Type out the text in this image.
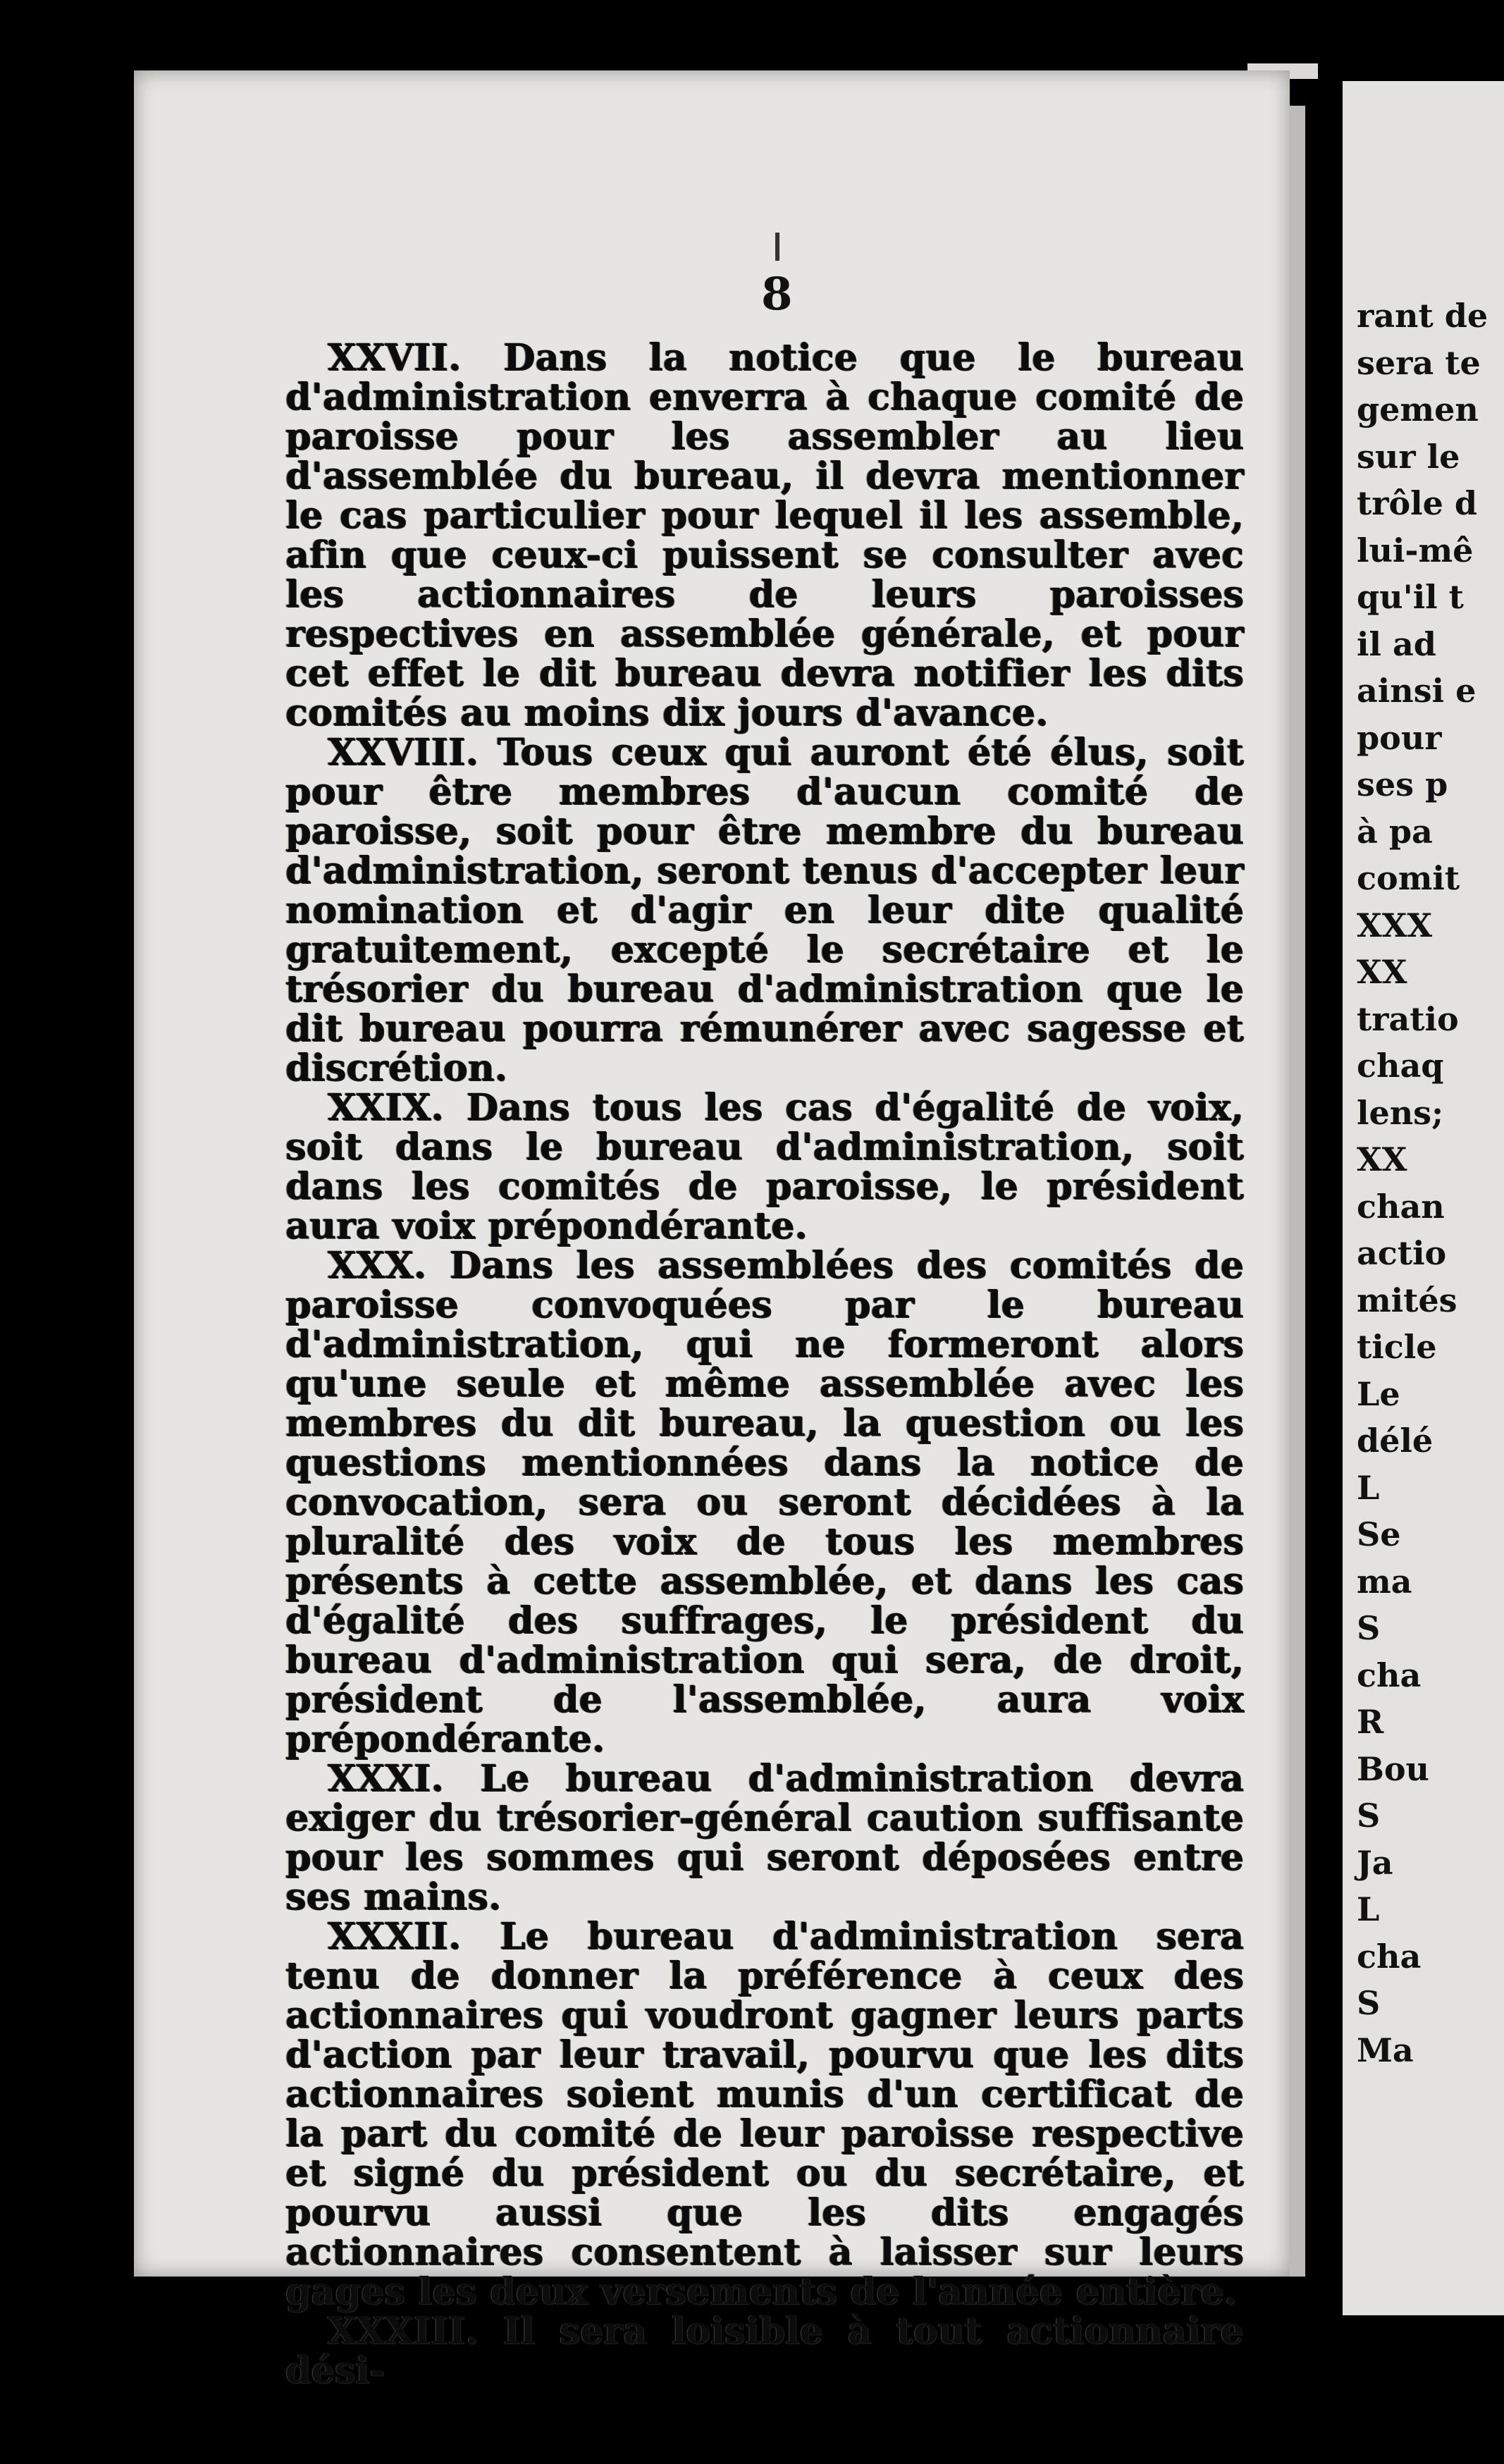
8

XXVII. Dans la notice que le bureau d'administration enverra à chaque comité de paroisse pour les assembler au lieu d'assemblée du bureau, il devra mentionner le cas particulier pour lequel il les assemble, afin que ceux-ci puissent se consulter avec les actionnaires de leurs paroisses respectives en assemblée générale, et pour cet effet le dit bureau devra notifier les dits comités au moins dix jours d'avance.

XXVIII. Tous ceux qui auront été élus, soit pour être membres d'aucun comité de paroisse, soit pour être membre du bureau d'administration, seront tenus d'accepter leur nomination et d'agir en leur dite qualité gratuitement, excepté le secrétaire et le trésorier du bureau d'administration que le dit bureau pourra rémunérer avec sagesse et discrétion.

XXIX. Dans tous les cas d'égalité de voix, soit dans le bureau d'administration, soit dans les comités de paroisse, le président aura voix prépondérante.

XXX. Dans les assemblées des comités de paroisse convoquées par le bureau d'administration, qui ne formeront alors qu'une seule et même assemblée avec les membres du dit bureau, la question ou les questions mentionnées dans la notice de convocation, sera ou seront décidées à la pluralité des voix de tous les membres présents à cette assemblée, et dans les cas d'égalité des suffrages, le président du bureau d'administration qui sera, de droit, président de l'assemblée, aura voix prépondérante.

XXXI. Le bureau d'administration devra exiger du trésorier-général caution suffisante pour les sommes qui seront déposées entre ses mains.

XXXII. Le bureau d'administration sera tenu de donner la préférence à ceux des actionnaires qui voudront gagner leurs parts d'action par leur travail, pourvu que les dits actionnaires soient munis d'un certificat de la part du comité de leur paroisse respective et signé du président ou du secrétaire, et pourvu aussi que les dits engagés actionnaires consentent à laisser sur leurs gages les deux versements de l'année entière.

XXXIII. Il sera loisible à tout actionnaire dési-

rant de
sera te
gemen
sur le
trôle d
lui-mê
qu'il t
il ad
ainsi e
pour
ses p
à pa
comit
XXX
XX
tratio
chaq
lens;
XX
chan
actio
mités
ticle
Le
délé
L
Se
ma
S
cha
R
Bou
S
Ja
L
cha
S
Ma
